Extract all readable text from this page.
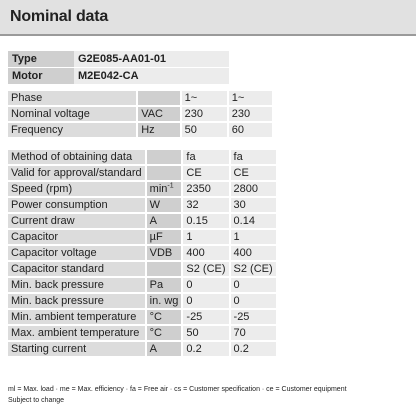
Nominal data
Type	G2E085-AA01-01
Motor	M2E042-CA
Phase		1~	1~
Nominal voltage	VAC	230	230
Frequency	Hz	50	60
Method of obtaining data		fa	fa
Valid for approval/standard		CE	CE
Speed (rpm)	$\min^{-1}$	2350	2800
Power consumption	W	32	30
Current draw	A	0.15	0.14
Capacitor	µF	1	1
Capacitor voltage	VDB	400	400
Capacitor standard		S2 (CE)	S2 (CE)
Min. back pressure	Pa	0	0
Min. back pressure	in. wg	0	0
Min. ambient temperature	°C	-25	-25
Max. ambient temperature	°C	50	70
Starting current	A	0.2	0.2
ml = Max. load · me = Max. efficiency · fa = Free air · cs = Customer specification · ce = Customer equipment
Subject to change
